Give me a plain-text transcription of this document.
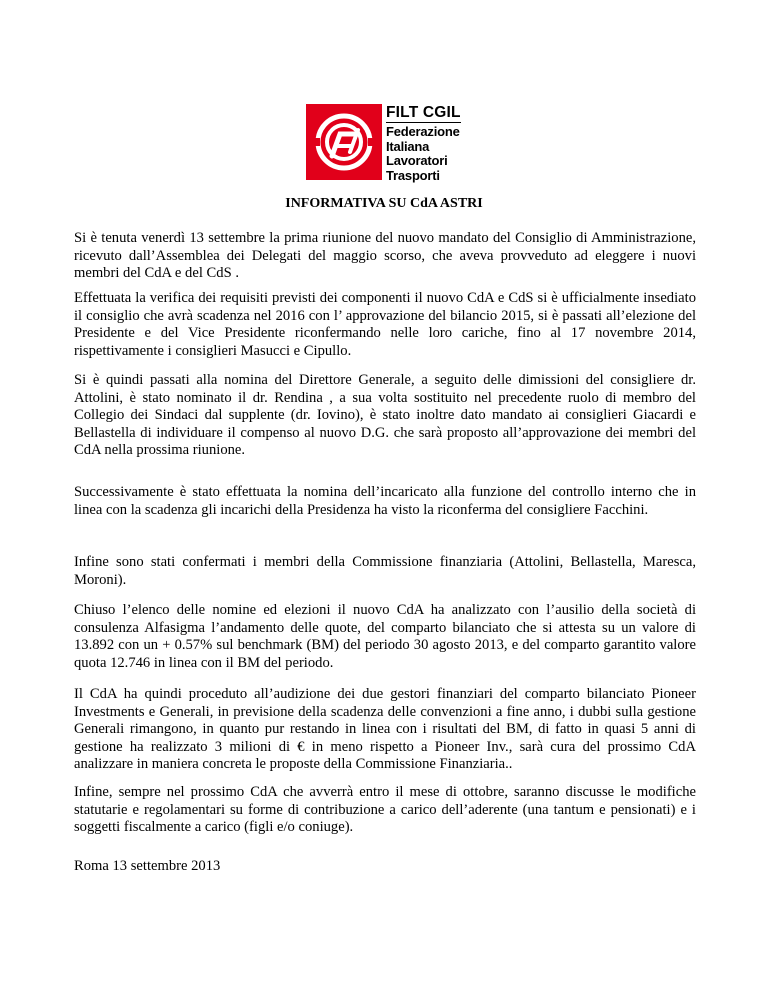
FILT CGIL
Federazione
Italiana
Lavoratori
Trasporti
INFORMATIVA SU CdA ASTRI

Si è tenuta venerdì 13 settembre la prima riunione del nuovo mandato del Consiglio di Amministrazione, ricevuto dall’Assemblea dei Delegati del maggio scorso, che aveva provveduto ad eleggere i nuovi membri del CdA e del CdS .

Effettuata la verifica dei requisiti previsti dei componenti il nuovo CdA e CdS si è ufficialmente insediato il consiglio che avrà scadenza nel 2016 con l’ approvazione del bilancio 2015, si è passati all’elezione del Presidente e del Vice Presidente riconfermando nelle loro cariche, fino al 17 novembre 2014, rispettivamente i consiglieri Masucci e Cipullo.

Si è quindi passati alla nomina del Direttore Generale, a seguito delle dimissioni del consigliere dr. Attolini, è stato nominato il dr. Rendina , a sua volta sostituito nel precedente ruolo di membro del Collegio dei Sindaci dal supplente (dr. Iovino), è stato inoltre dato mandato ai consiglieri Giacardi e Bellastella di individuare il compenso al nuovo D.G. che sarà proposto all’approvazione dei membri del CdA nella prossima riunione.

Successivamente è stato effettuata la nomina dell’incaricato alla funzione del controllo interno che in linea con la scadenza gli incarichi della Presidenza ha visto la riconferma del consigliere Facchini.

Infine sono stati confermati i membri della Commissione finanziaria (Attolini, Bellastella, Maresca, Moroni).

Chiuso l’elenco delle nomine ed elezioni il nuovo CdA ha analizzato con l’ausilio della società di consulenza Alfasigma l’andamento delle quote, del comparto bilanciato che si attesta su un valore di 13.892 con un + 0.57% sul benchmark (BM) del periodo 30 agosto 2013, e del comparto garantito valore quota 12.746 in linea con il BM del periodo.

Il CdA ha quindi proceduto all’audizione dei due gestori finanziari del comparto bilanciato Pioneer Investments e Generali, in previsione della scadenza delle convenzioni a fine anno, i dubbi sulla gestione Generali rimangono, in quanto pur restando in linea con i risultati del BM, di fatto in quasi 5 anni di gestione ha realizzato 3 milioni di € in meno rispetto a Pioneer Inv., sarà cura del prossimo CdA analizzare in maniera concreta le proposte della Commissione Finanziaria..

Infine, sempre nel prossimo CdA che avverrà entro il mese di ottobre, saranno discusse le modifiche statutarie e regolamentari su forme di contribuzione a carico dell’aderente (una tantum e pensionati) e i soggetti fiscalmente a carico (figli e/o coniuge).

Roma 13 settembre 2013
